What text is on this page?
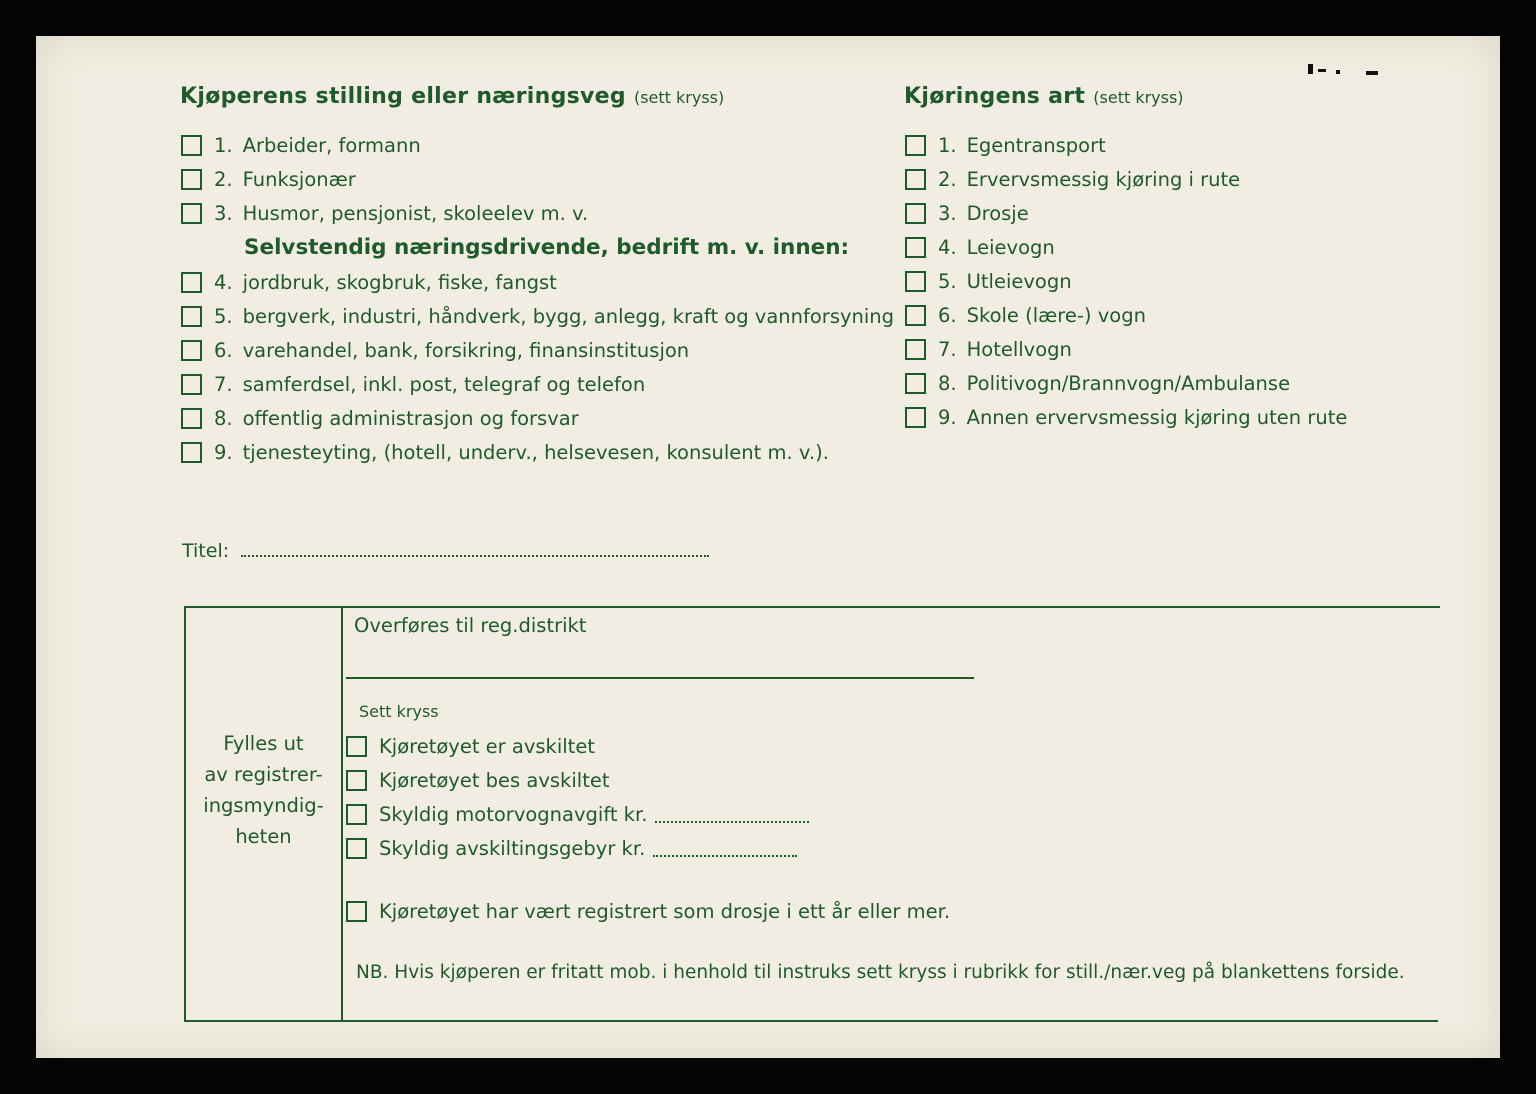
Kjøperens stilling eller næringsveg (sett kryss)
1. Arbeider, formann
2. Funksjonær
3. Husmor, pensjonist, skoleelev m. v.
Selvstendig næringsdrivende, bedrift m. v. innen:
4. jordbruk, skogbruk, fiske, fangst
5. bergverk, industri, håndverk, bygg, anlegg, kraft og vannforsyning
6. varehandel, bank, forsikring, finansinstitusjon
7. samferdsel, inkl. post, telegraf og telefon
8. offentlig administrasjon og forsvar
9. tjenesteyting, (hotell, underv., helsevesen, konsulent m. v.).
Titel:
Kjøringens art (sett kryss)
1. Egentransport
2. Ervervsmessig kjøring i rute
3. Drosje
4. Leievogn
5. Utleievogn
6. Skole (lære-) vogn
7. Hotellvogn
8. Politivogn/Brannvogn/Ambulanse
9. Annen ervervsmessig kjøring uten rute
Fylles ut
av registrer-
ingsmyndig-
heten
Overføres til reg.distrikt
Sett kryss
Kjøretøyet er avskiltet
Kjøretøyet bes avskiltet
Skyldig motorvognavgift kr.
Skyldig avskiltingsgebyr kr.
Kjøretøyet har vært registrert som drosje i ett år eller mer.
NB. Hvis kjøperen er fritatt mob. i henhold til instruks sett kryss i rubrikk for still./nær.veg på blankettens forside.
